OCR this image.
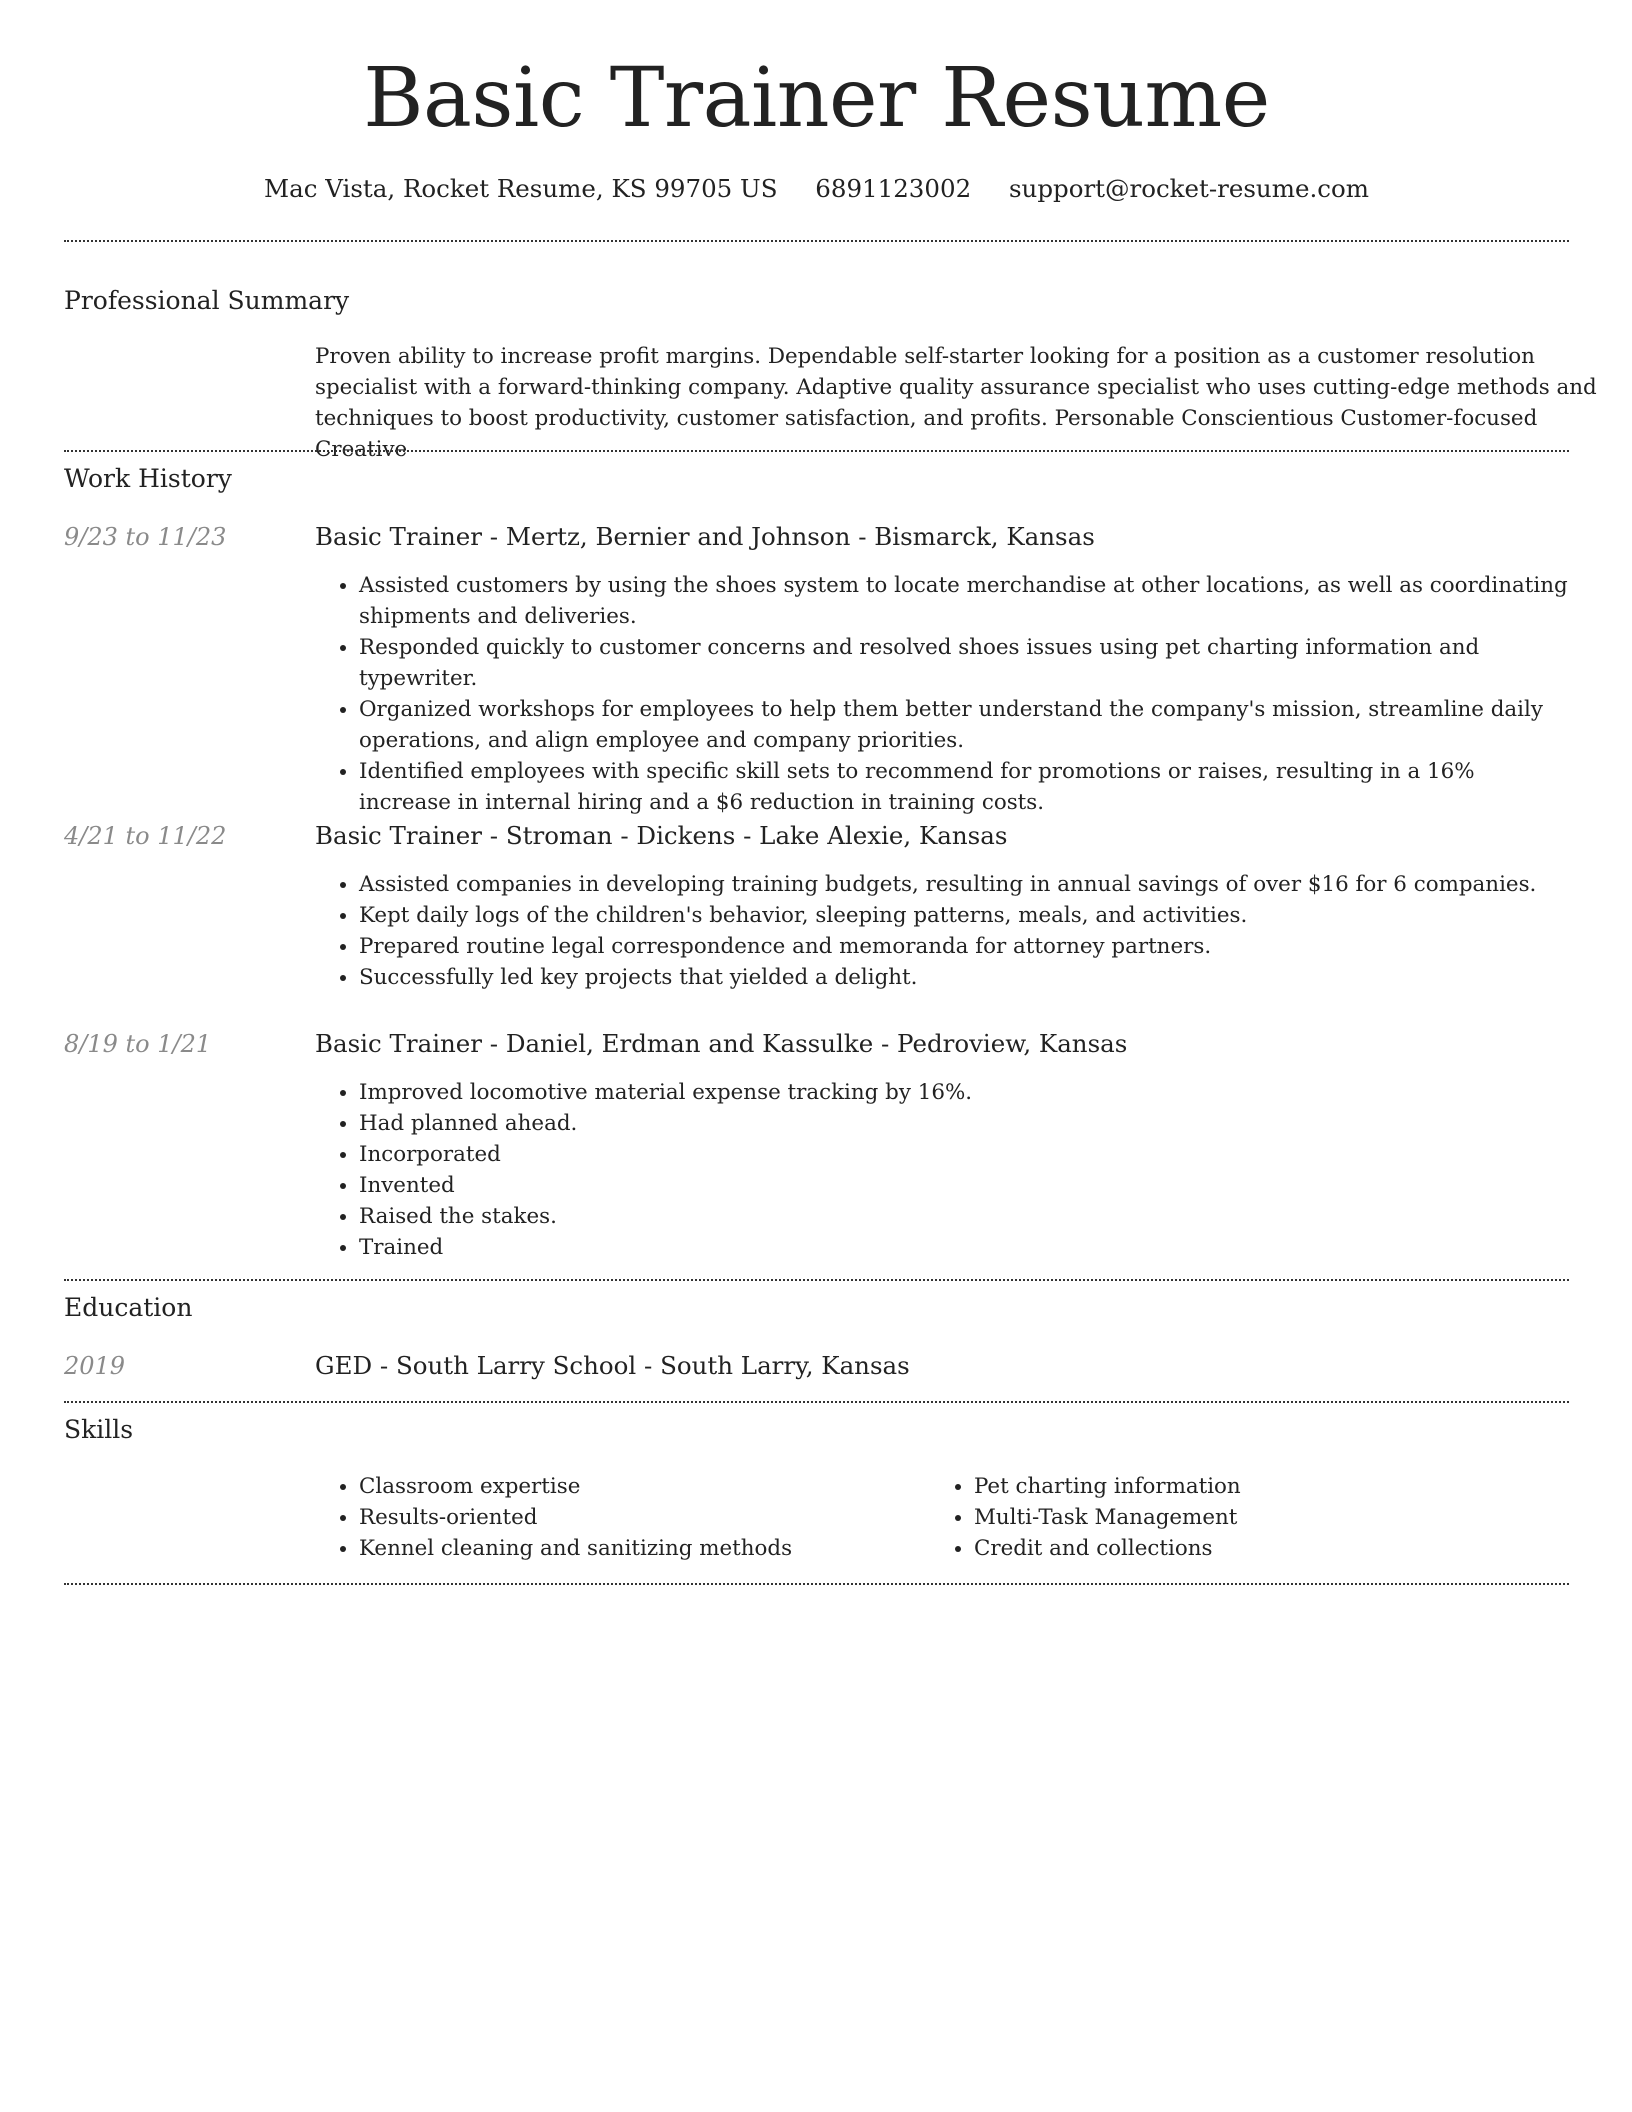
Basic Trainer Resume
Mac Vista, Rocket Resume, KS 99705 US 6891123002 support@rocket-resume.com
Professional Summary

Proven ability to increase profit margins. Dependable self-starter looking for a position as a customer resolution specialist with a forward-thinking company. Adaptive quality assurance specialist who uses cutting-edge methods and techniques to boost productivity, customer satisfaction, and profits. Personable Conscientious Customer-focused Creative

Work History
9/23 to 11/23	Basic Trainer - Mertz, Bernier and Johnson - Bismarck, Kansas
• Assisted customers by using the shoes system to locate merchandise at other locations, as well as coordinating shipments and deliveries.
• Responded quickly to customer concerns and resolved shoes issues using pet charting information and typewriter.
• Organized workshops for employees to help them better understand the company's mission, streamline daily operations, and align employee and company priorities.
• Identified employees with specific skill sets to recommend for promotions or raises, resulting in a 16% increase in internal hiring and a $6 reduction in training costs.
4/21 to 11/22	Basic Trainer - Stroman - Dickens - Lake Alexie, Kansas
• Assisted companies in developing training budgets, resulting in annual savings of over $16 for 6 companies.
• Kept daily logs of the children's behavior, sleeping patterns, meals, and activities.
• Prepared routine legal correspondence and memoranda for attorney partners.
• Successfully led key projects that yielded a delight.
8/19 to 1/21	Basic Trainer - Daniel, Erdman and Kassulke - Pedroview, Kansas
• Improved locomotive material expense tracking by 16%.
• Had planned ahead.
• Incorporated
• Invented
• Raised the stakes.
• Trained
Education
2019	GED - South Larry School - South Larry, Kansas
Skills
• Classroom expertise
• Results-oriented
• Kennel cleaning and sanitizing methods
• Pet charting information
• Multi-Task Management
• Credit and collections
